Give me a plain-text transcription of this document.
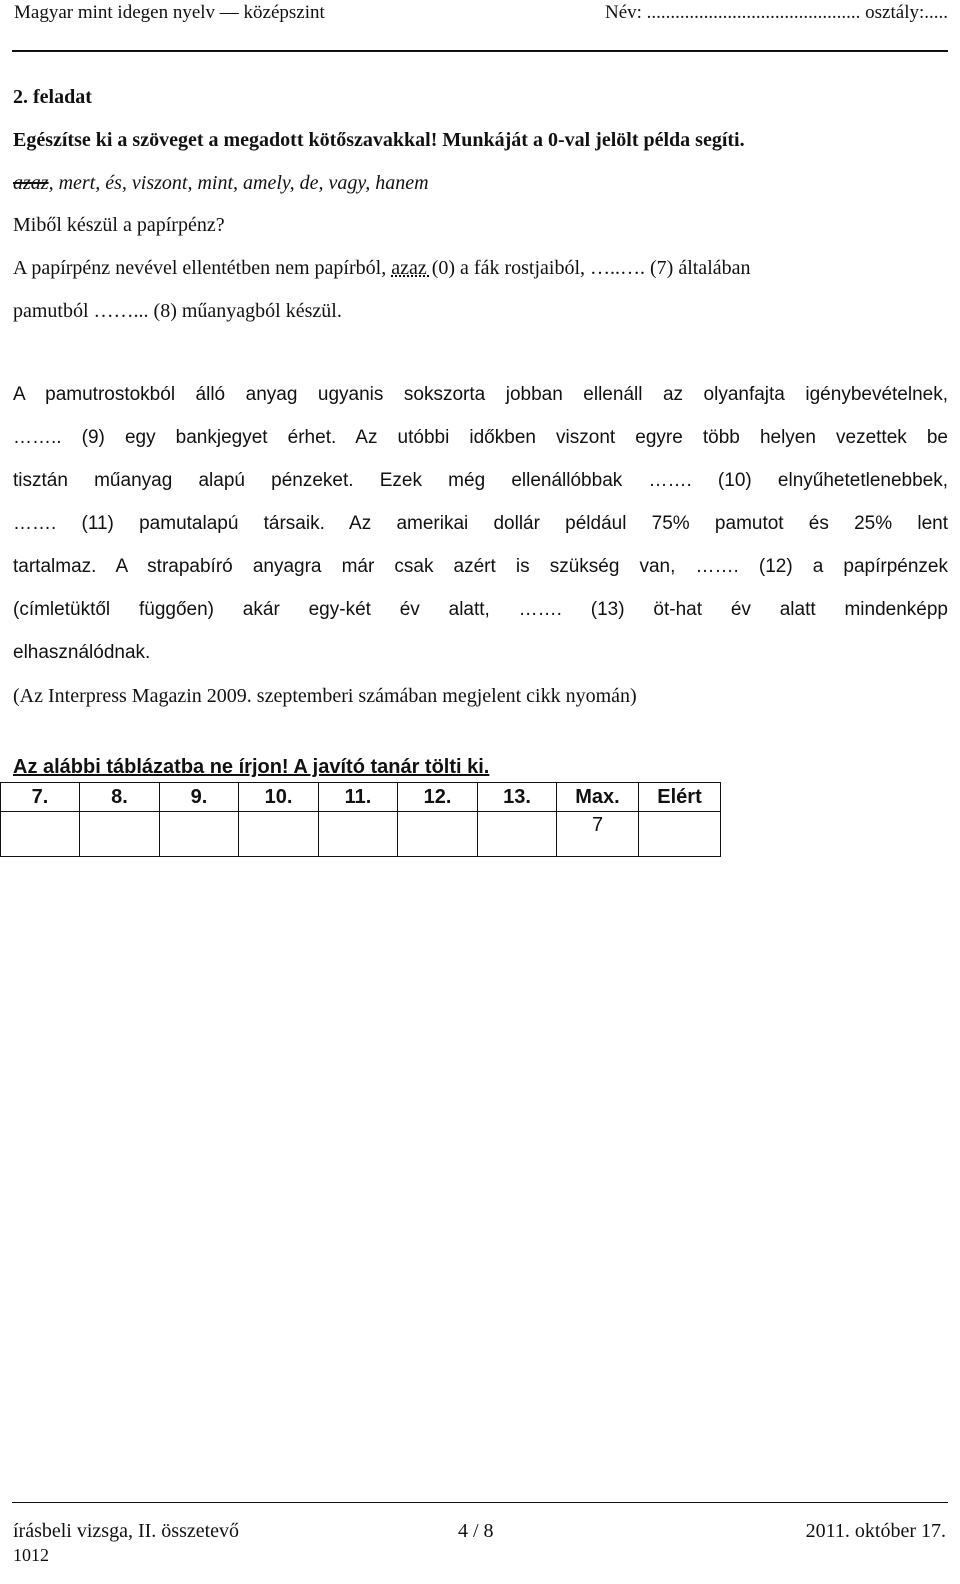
Magyar mint idegen nyelv — középszint	Név: ............................................. osztály:.....
2. feladat
Egészítse ki a szöveget a megadott kötőszavakkal! Munkáját a 0-val jelölt példa segíti.
azaz, mert, és, viszont, mint, amely, de, vagy, hanem
Miből készül a papírpénz?
A papírpénz nevével ellentétben nem papírból, azaz (0) a fák rostjaiból, …..…. (7) általában
pamutból ……... (8) műanyagból készül.
A pamutrostokból álló anyag ugyanis sokszorta jobban ellenáll az olyanfajta igénybevételnek,
…….. (9) egy bankjegyet érhet. Az utóbbi időkben viszont egyre több helyen vezettek be
tisztán műanyag alapú pénzeket. Ezek még ellenállóbbak ……. (10) elnyűhetetlenebbek,
……. (11) pamutalapú társaik. Az amerikai dollár például 75% pamutot és 25% lent
tartalmaz. A strapabíró anyagra már csak azért is szükség van, ……. (12) a papírpénzek
(címletüktől függően) akár egy-két év alatt, ……. (13) öt-hat év alatt mindenképp
elhasználódnak.
(Az Interpress Magazin 2009. szeptemberi számában megjelent cikk nyomán)
Az alábbi táblázatba ne írjon! A javító tanár tölti ki.
7.	8.	9.	10.	11.	12.	13.	Max.	Elért
							7	
írásbeli vizsga, II. összetevő
1012
4 / 8	2011. október 17.
